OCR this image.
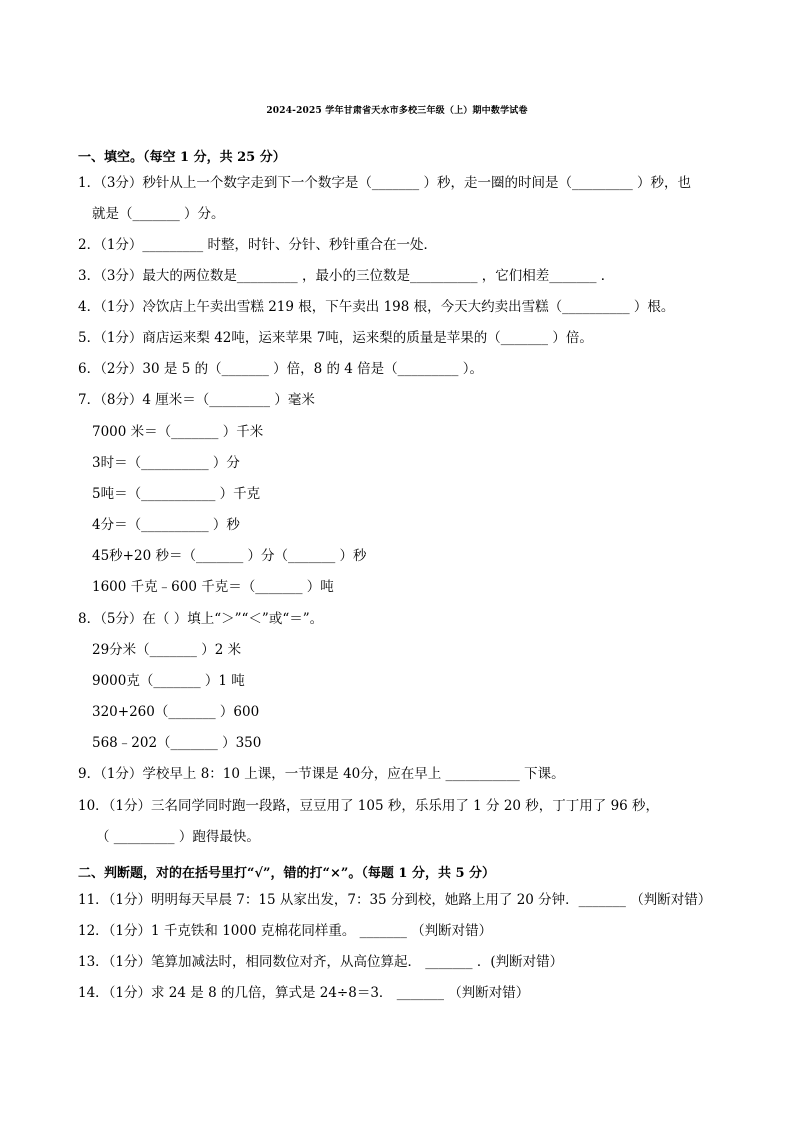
2024-2025 学年甘肃省天水市多校三年级（上）期中数学试卷
一、填空。（每空 1 分，共 25 分）
1．（3分）秒针从上一个数字走到下一个数字是（_______ ）秒，走一圈的时间是（_________ ）秒，也
就是（_______ ）分。
2．（1分）_________ 时整，时针、分针、秒针重合在一处．
3．（3分）最大的两位数是_________ ，最小的三位数是__________ ，它们相差_______ ．
4．（1分）冷饮店上午卖出雪糕 219 根，下午卖出 198 根，今天大约卖出雪糕（__________ ）根。
5．（1分）商店运来梨 42吨，运来苹果 7吨，运来梨的质量是苹果的（_______ ）倍。
6．（2分）30 是 5 的（_______ ）倍，8 的 4 倍是（_________ ）。
7．（8分）4 厘米＝（_________ ）毫米
7000 米＝（_______ ）千米
3时＝（__________ ）分
5吨＝（___________ ）千克
4分＝（__________ ）秒
45秒+20 秒＝（_______ ）分（_______ ）秒
1600 千克﹣600 千克＝（_______ ）吨
8．（5分）在（ ）填上“＞”“＜”或“＝”。
29分米（_______ ）2 米
9000克（_______ ）1 吨
320+260（_______ ）600
568﹣202（_______ ）350
9．（1分）学校早上 8：10 上课，一节课是 40分，应在早上 ___________ 下课。
10．（1分）三名同学同时跑一段路，豆豆用了 105 秒，乐乐用了 1 分 20 秒，丁丁用了 96 秒，
（ _________ ）跑得最快。
二、判断题，对的在括号里打“√”，错的打“×”。（每题 1 分，共 5 分）
11．（1分）明明每天早晨 7：15 从家出发，7：35 分到校，她路上用了 20 分钟．_______ （判断对错）
12．（1分）1 千克铁和 1000 克棉花同样重。 _______ （判断对错）
13．（1分）笔算加减法时，相同数位对齐，从高位算起． _______ ．(判断对错）
14．（1分）求 24 是 8 的几倍，算式是 24÷8＝3． _______ （判断对错）
